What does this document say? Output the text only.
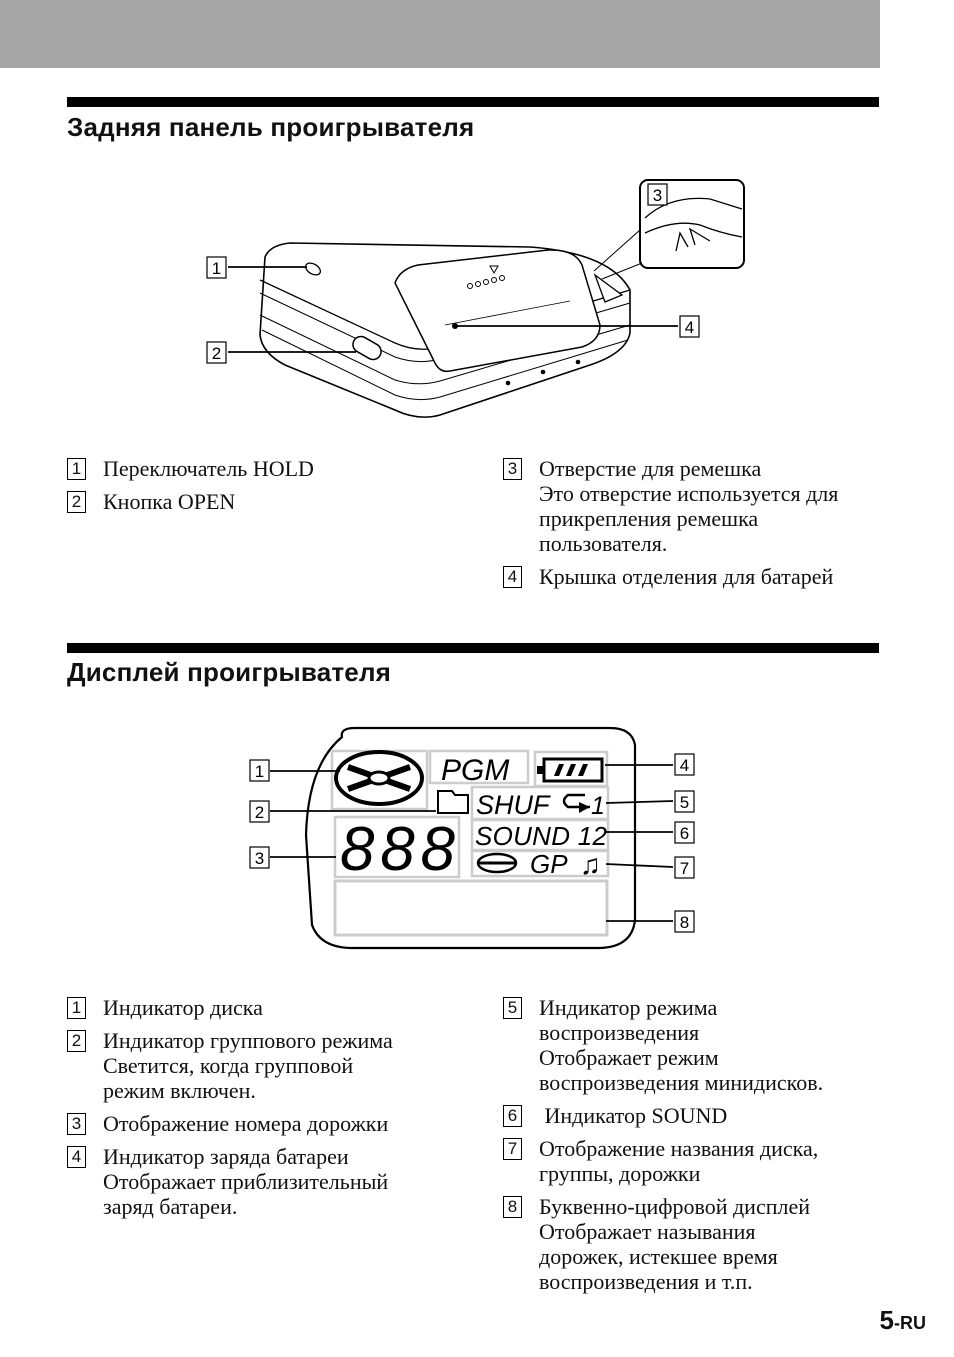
Задняя панель проигрывателя
1
2
3
4
1 Переключатель HOLD
2 Кнопка OPEN
3 Отверстие для ремешка
Это отверстие используется для
прикрепления ремешка
пользователя.
4 Крышка отделения для батарей
Дисплей проигрывателя
PGM
SHUF 1
888 SOUND 12
GP ♫
1
2
3
4
5
6
7
8
1 Индикатор диска
2 Индикатор группового режима
Светится, когда групповой
режим включен.
3 Отображение номера дорожки
4 Индикатор заряда батареи
Отображает приблизительный
заряд батареи.
5 Индикатор режима
воспроизведения
Отображает режим
воспроизведения минидисков.
6 Индикатор SOUND
7 Отображение названия диска,
группы, дорожки
8 Буквенно-цифровой дисплей
Отображает называния
дорожек, истекшее время
воспроизведения и т.п.
5-RU
